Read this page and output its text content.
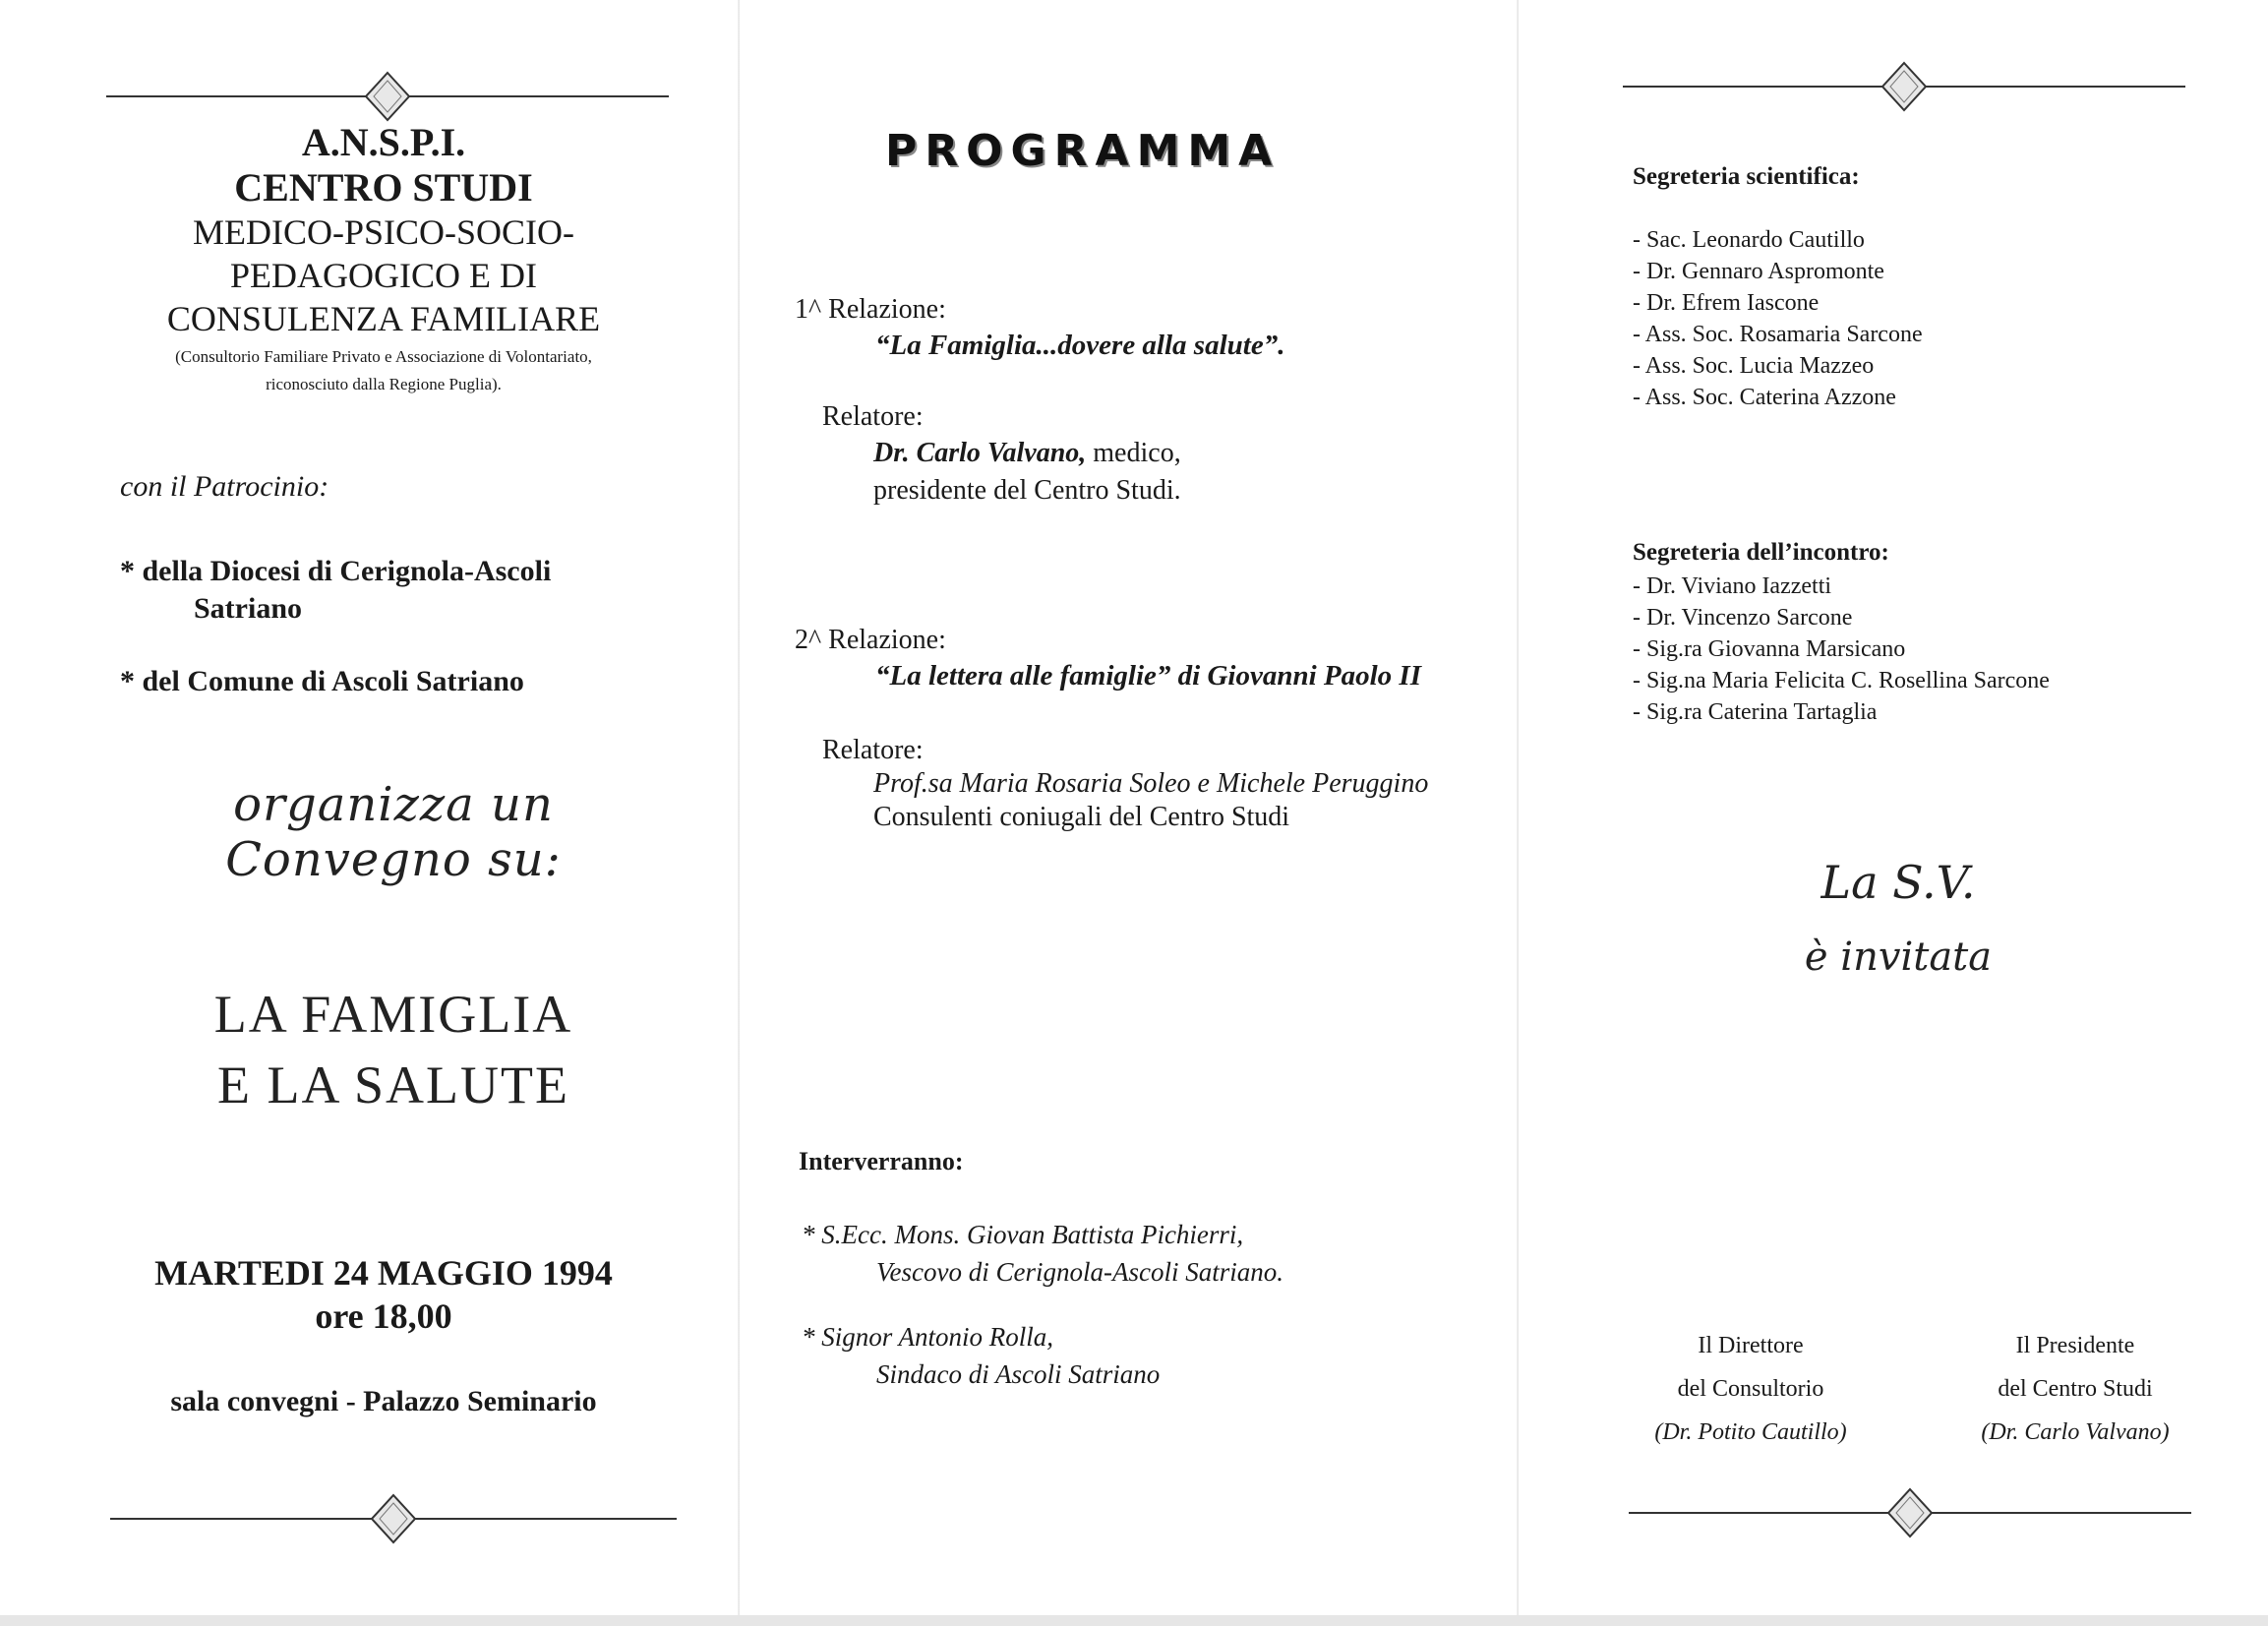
A.N.S.P.I.
CENTRO STUDI
MEDICO-PSICO-SOCIO-
PEDAGOGICO E DI
CONSULENZA FAMILIARE
(Consultorio Familiare Privato e Associazione di Volontariato,
riconosciuto dalla Regione Puglia).
con il Patrocinio:
* della Diocesi di Cerignola-Ascoli
Satriano
* del Comune di Ascoli Satriano
organizza un Convegno su:
LA FAMIGLIA
E LA SALUTE
MARTEDI 24 MAGGIO 1994
ore 18,00
sala convegni - Palazzo Seminario
PROGRAMMA
1^ Relazione:
“La Famiglia...dovere alla salute”.
Relatore:
Dr. Carlo Valvano, medico,
presidente del Centro Studi.
2^ Relazione:
“La lettera alle famiglie” di Giovanni Paolo II
Relatore:
Prof.sa Maria Rosaria Soleo e Michele Peruggino
Consulenti coniugali del Centro Studi
Interverranno:
* S.Ecc. Mons. Giovan Battista Pichierri,
Vescovo di Cerignola-Ascoli Satriano.
* Signor Antonio Rolla,
Sindaco di Ascoli Satriano
Segreteria scientifica:
- Sac. Leonardo Cautillo
- Dr. Gennaro Aspromonte
- Dr. Efrem Iascone
- Ass. Soc. Rosamaria Sarcone
- Ass. Soc. Lucia Mazzeo
- Ass. Soc. Caterina Azzone
Segreteria dell’incontro:
- Dr. Viviano Iazzetti
- Dr. Vincenzo Sarcone
- Sig.ra Giovanna Marsicano
- Sig.na Maria Felicita C. Rosellina Sarcone
- Sig.ra Caterina Tartaglia
La S.V.
è invitata
Il Direttore
del Consultorio
(Dr. Potito Cautillo)
Il Presidente
del Centro Studi
(Dr. Carlo Valvano)
